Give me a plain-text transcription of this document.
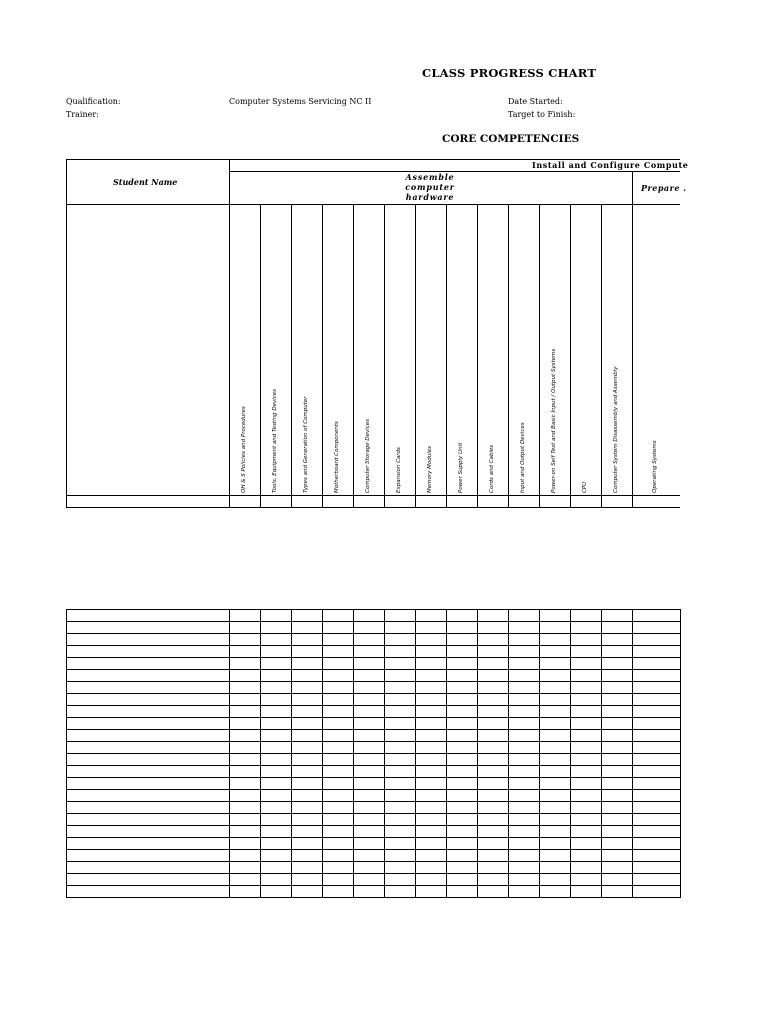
CLASS PROGRESS CHART
Qualification:	Computer Systems Servicing NC II	Date Started:
Trainer:	Target to Finish:
CORE COMPETENCIES
Student Name
Install and Configure Compute
Assemble
computer
hardware
Prepare .
OH & S Policies and Procedures	Tools, Equipment and Testing Devices	Types and Generation of Computer	Motherboard Components	Computer Storage Devices	Expansion Cards	Memory Modules	Power Supply Unit	Cords and Cables	Input and Output Devices	Power-on Self Test and Basic Input / Output Systems	CPU	Computer System Disassembly and Assembly	Operating Systems
